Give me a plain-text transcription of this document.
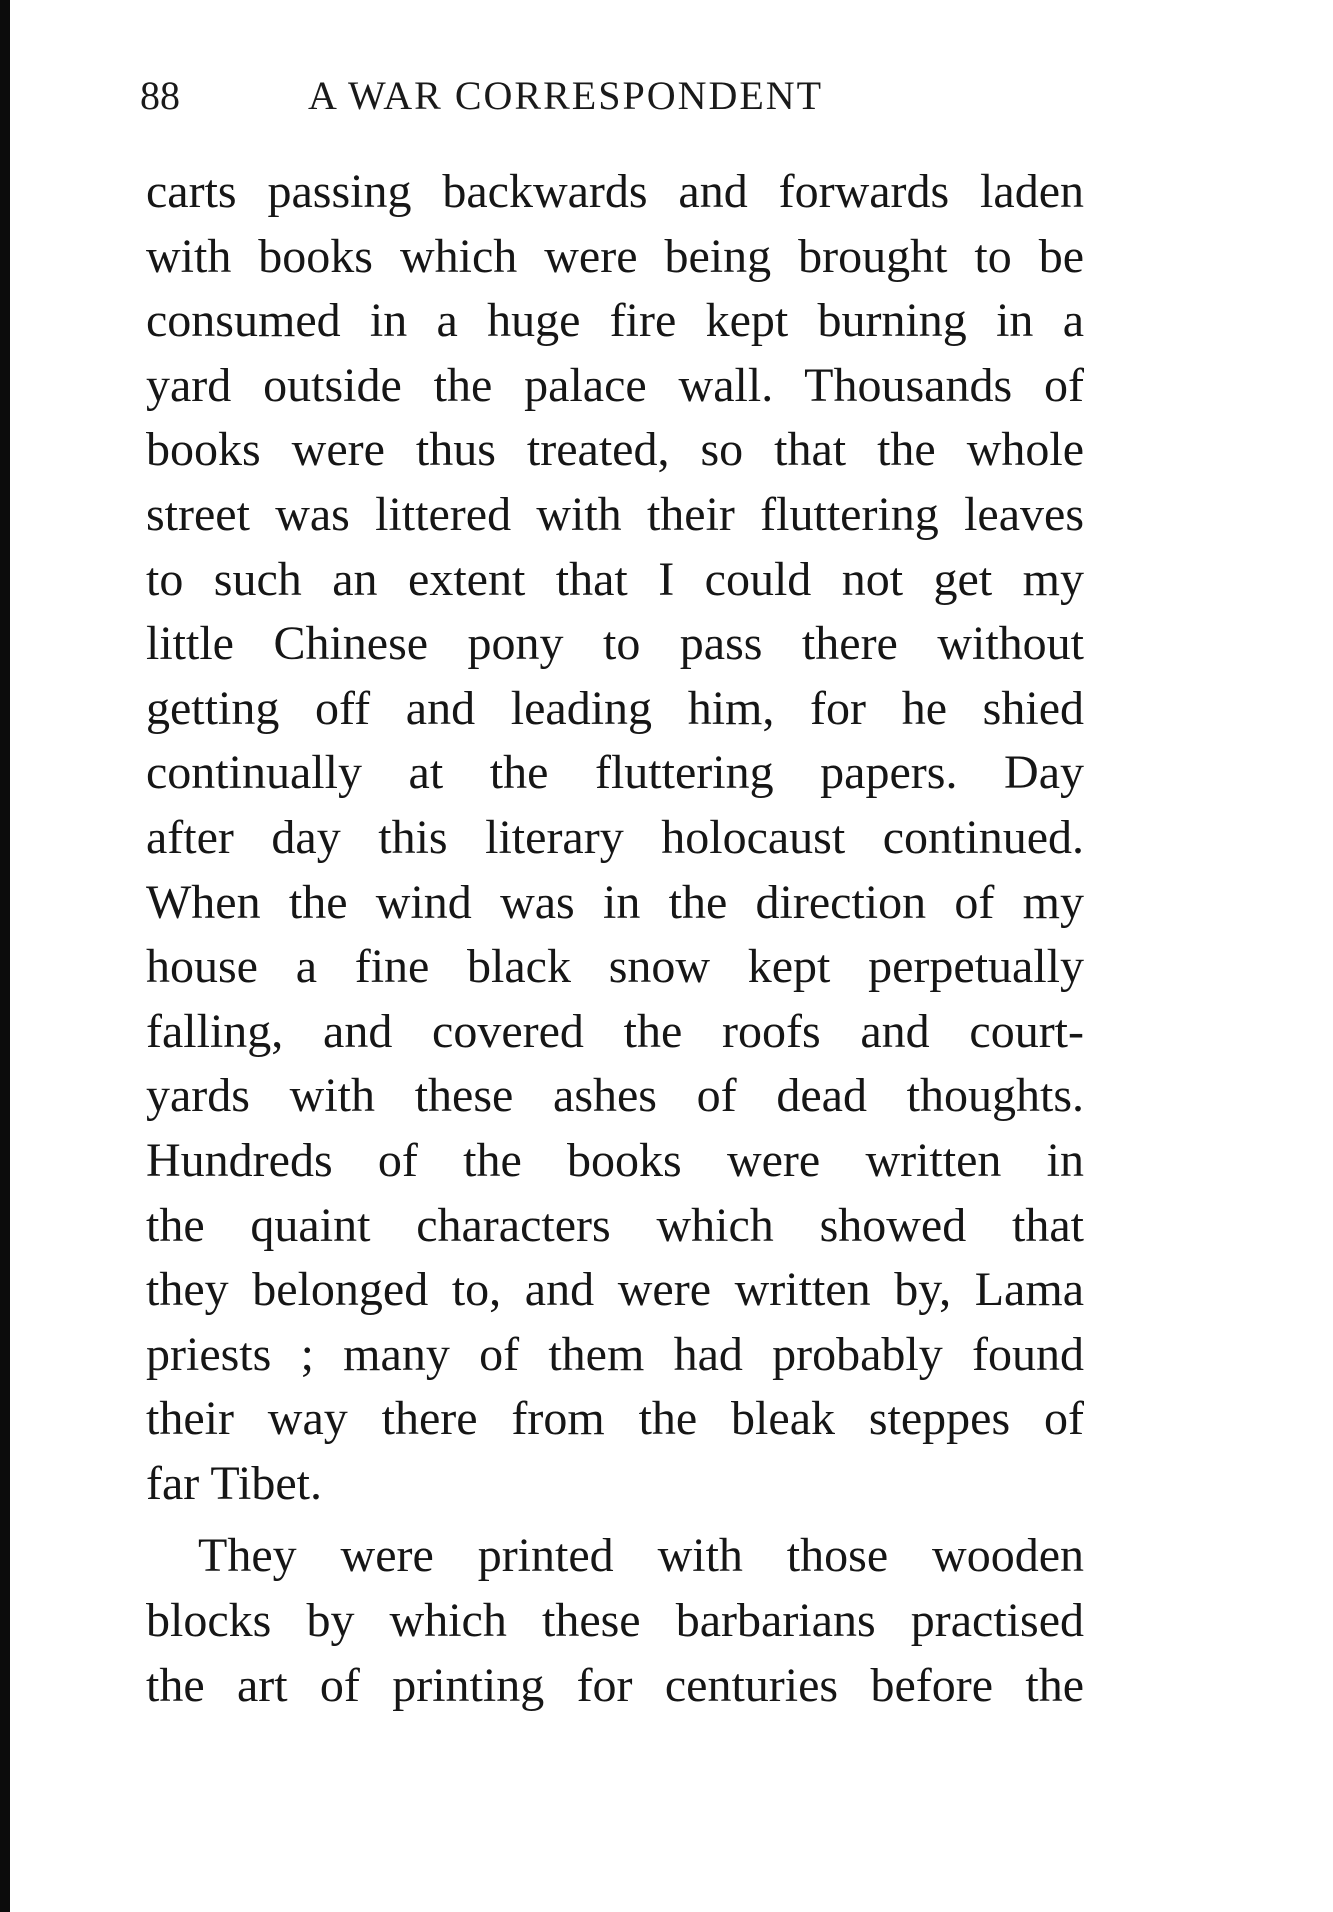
88	A WAR CORRESPONDENT
carts passing backwards and forwards laden
with books which were being brought to be
consumed in a huge fire kept burning in a
yard outside the palace wall. Thousands of
books were thus treated, so that the whole
street was littered with their fluttering leaves
to such an extent that I could not get my
little Chinese pony to pass there without
getting off and leading him, for he shied
continually at the fluttering papers. Day
after day this literary holocaust continued.
When the wind was in the direction of my
house a fine black snow kept perpetually
falling, and covered the roofs and court-
yards with these ashes of dead thoughts.
Hundreds of the books were written in
the quaint characters which showed that
they belonged to, and were written by, Lama
priests ; many of them had probably found
their way there from the bleak steppes of
far Tibet.
They were printed with those wooden
blocks by which these barbarians practised
the art of printing for centuries before the
